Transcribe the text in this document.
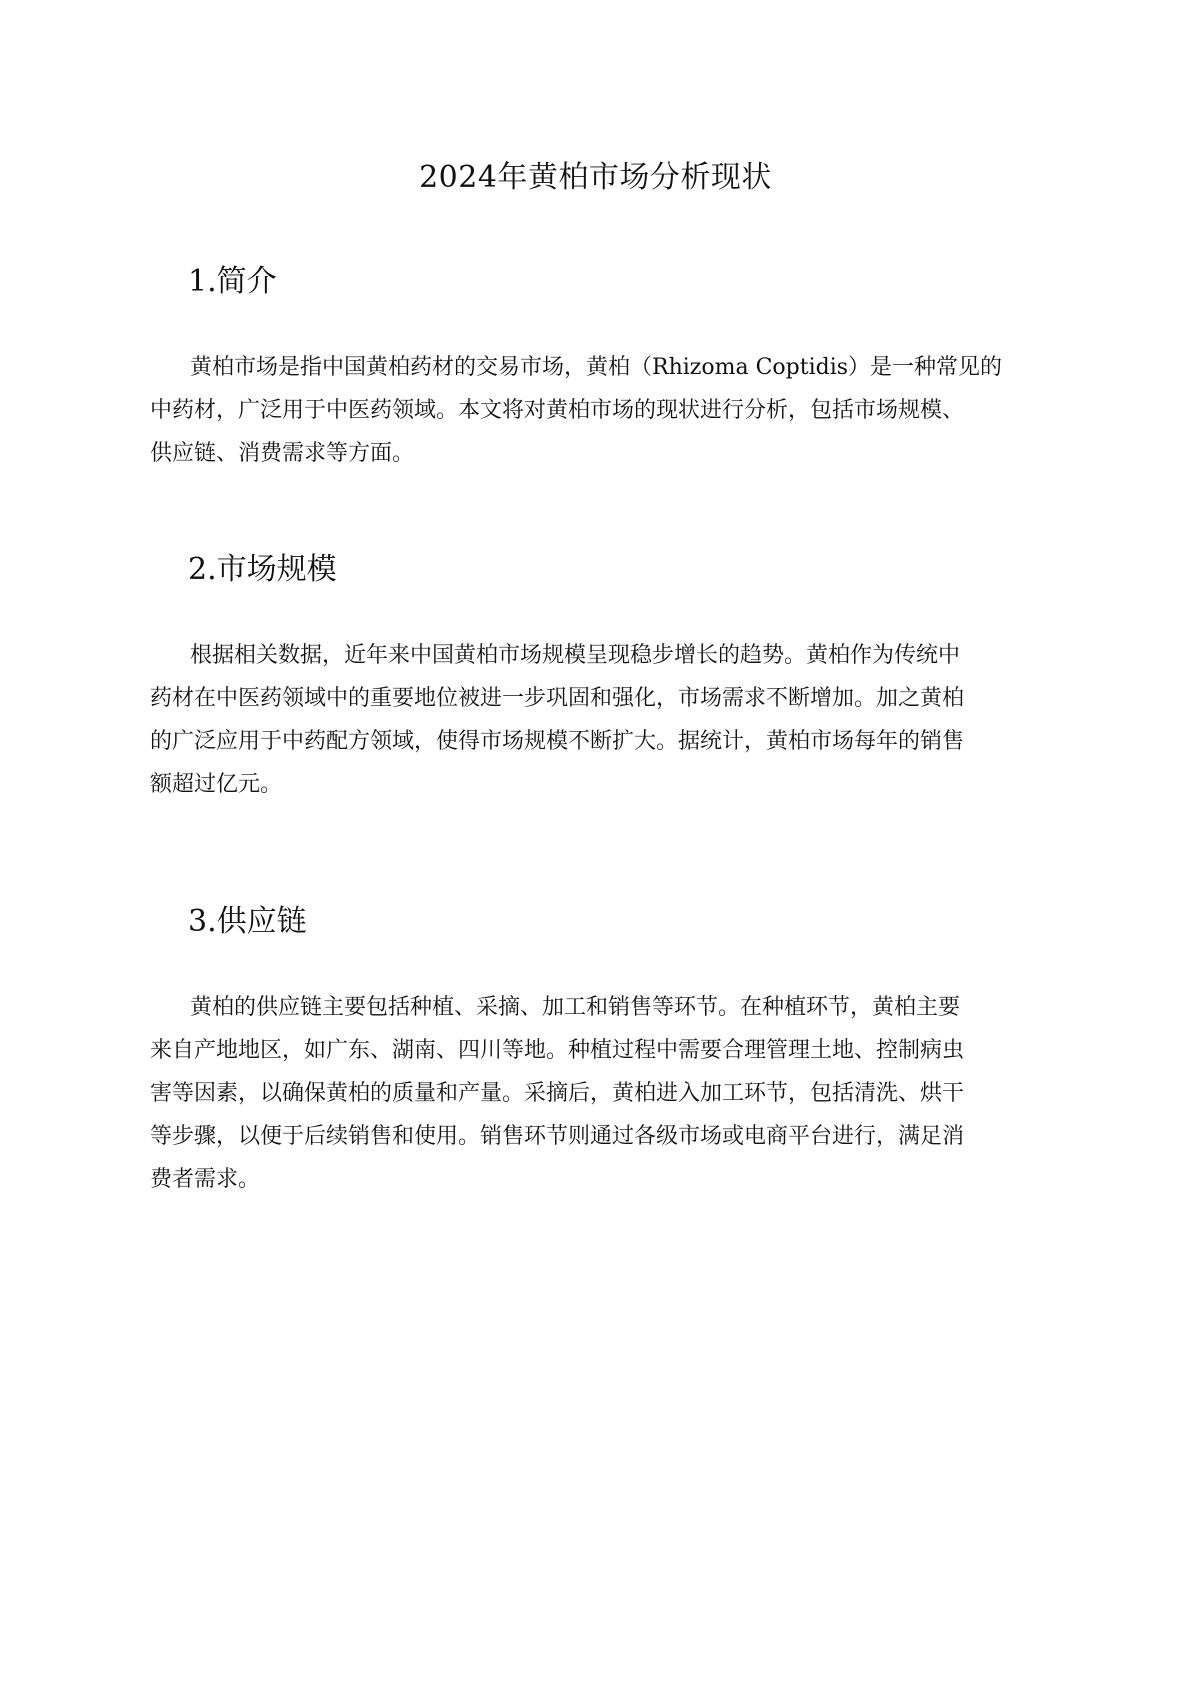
2024年黄柏市场分析现状
1.简介
黄柏市场是指中国黄柏药材的交易市场，黄柏（Rhizoma Coptidis）是一种常见的
中药材，广泛用于中医药领域。本文将对黄柏市场的现状进行分析，包括市场规模、
供应链、消费需求等方面。
2.市场规模
根据相关数据，近年来中国黄柏市场规模呈现稳步增长的趋势。黄柏作为传统中
药材在中医药领域中的重要地位被进一步巩固和强化，市场需求不断增加。加之黄柏
的广泛应用于中药配方领域，使得市场规模不断扩大。据统计，黄柏市场每年的销售
额超过亿元。
3.供应链
黄柏的供应链主要包括种植、采摘、加工和销售等环节。在种植环节，黄柏主要
来自产地地区，如广东、湖南、四川等地。种植过程中需要合理管理土地、控制病虫
害等因素，以确保黄柏的质量和产量。采摘后，黄柏进入加工环节，包括清洗、烘干
等步骤，以便于后续销售和使用。销售环节则通过各级市场或电商平台进行，满足消
费者需求。
